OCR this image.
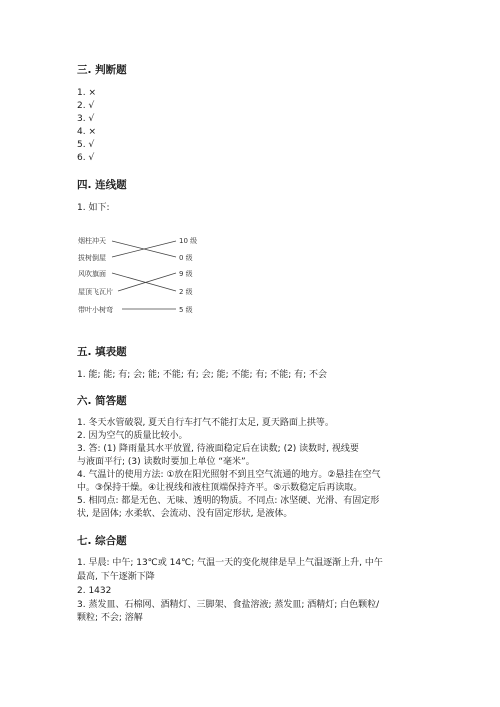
三. 判断题
1. ×
2. √
3. √
4. ×
5. √
6. √
四. 连线题
1. 如下:
烟柱冲天
拔树倒屋
风吹旗面
屋顶飞瓦片
带叶小树弯
10 级
0 级
9 级
2 级
5 级
五. 填表题
1. 能; 能; 有; 会; 能; 不能; 有; 会; 能; 不能; 有; 不能; 有; 不会
六. 简答题
1. 冬天水管破裂, 夏天自行车打气不能打太足, 夏天路面上拱等。
2. 因为空气的质量比较小。
3. 答: (1) 降雨量其水平放置, 待液面稳定后在读数; (2) 读数时, 视线要
与液面平行; (3) 读数时要加上单位 “毫米”。
4. 气温计的使用方法: ①放在阳光照射不到且空气流通的地方。②悬挂在空气
中。③保持干燥。④让视线和液柱顶端保持齐平。⑤示数稳定后再读取。
5. 相同点: 都是无色、无味、透明的物质。不同点: 冰坚硬、光滑、有固定形
状, 是固体; 水柔软、会流动、没有固定形状, 是液体。
七. 综合题
1. 早晨: 中午; 13℃或 14℃; 气温一天的变化规律是早上气温逐渐上升, 中午
最高, 下午逐渐下降
2. 1432
3. 蒸发皿、石棉网、酒精灯、三脚架、食盐溶液; 蒸发皿; 酒精灯; 白色颗粒/
颗粒; 不会; 溶解
